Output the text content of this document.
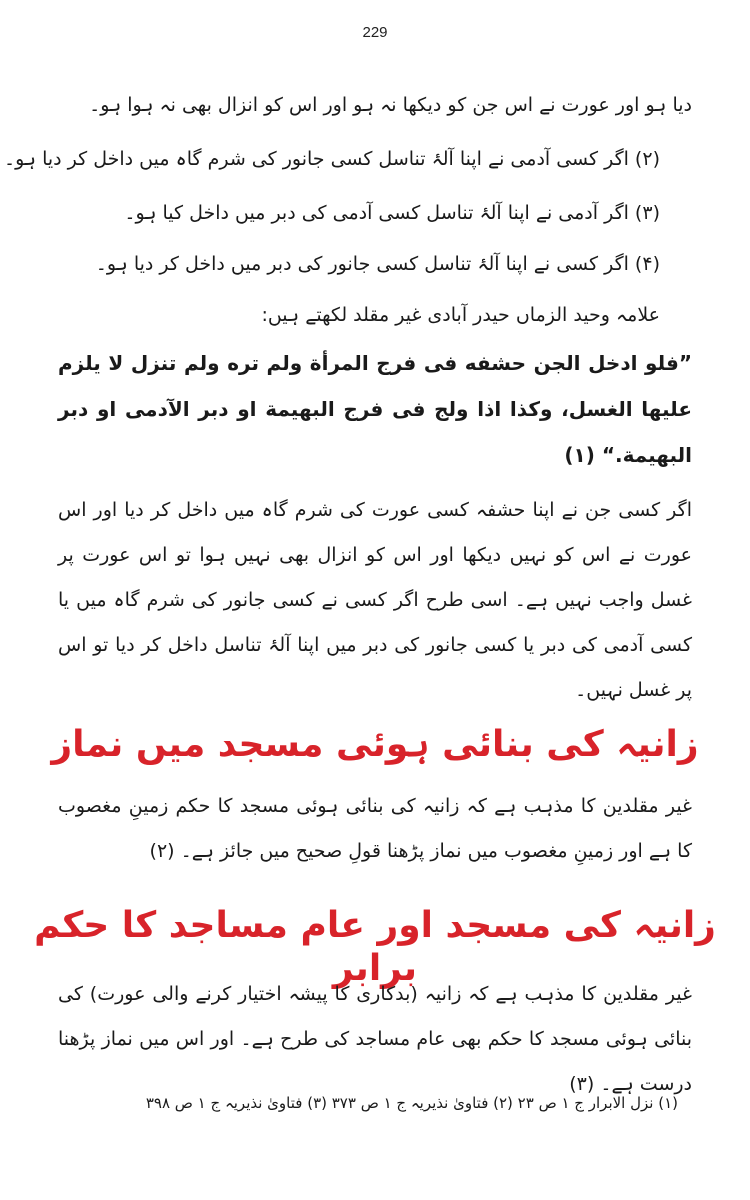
229
دیا ہو اور عورت نے اس جن کو دیکھا نہ ہو اور اس کو انزال بھی نہ ہوا ہو۔
(۲) اگر کسی آدمی نے اپنا آلۂ تناسل کسی جانور کی شرم گاہ میں داخل کر دیا ہو۔
(۳) اگر آدمی نے اپنا آلۂ تناسل کسی آدمی کی دبر میں داخل کیا ہو۔
(۴) اگر کسی نے اپنا آلۂ تناسل کسی جانور کی دبر میں داخل کر دیا ہو۔
علامہ وحید الزماں حیدر آبادی غیر مقلد لکھتے ہیں:
”فلو ادخل الجن حشفه فى فرج المرأة ولم تره ولم تنزل لا يلزم عليها الغسل، وكذا اذا ولج فى فرج البهيمة او دبر الآدمى او دبر البهيمة.“ (۱)
اگر کسی جن نے اپنا حشفہ کسی عورت کی شرم گاہ میں داخل کر دیا اور اس عورت نے اس کو نہیں دیکھا اور اس کو انزال بھی نہیں ہوا تو اس عورت پر غسل واجب نہیں ہے۔ اسی طرح اگر کسی نے کسی جانور کی شرم گاہ میں یا کسی آدمی کی دبر یا کسی جانور کی دبر میں اپنا آلۂ تناسل داخل کر دیا تو اس پر غسل نہیں۔
زانیہ کی بنائی ہوئی مسجد میں نماز
غیر مقلدین کا مذہب ہے کہ زانیہ کی بنائی ہوئی مسجد کا حکم زمینِ مغصوب کا ہے اور زمینِ مغصوب میں نماز پڑھنا قولِ صحیح میں جائز ہے۔ (۲)
زانیہ کی مسجد اور عام مساجد کا حکم برابر
غیر مقلدین کا مذہب ہے کہ زانیہ (بدکاری کا پیشہ اختیار کرنے والی عورت) کی بنائی ہوئی مسجد کا حکم بھی عام مساجد کی طرح ہے۔ اور اس میں نماز پڑھنا درست ہے۔ (۳)
(۱) نزل الابرار ج ۱ ص ۲۳ (۲) فتاویٰ نذیریہ ج ۱ ص ۳۷۳ (۳) فتاویٰ نذیریہ ج ۱ ص ۳۹۸
